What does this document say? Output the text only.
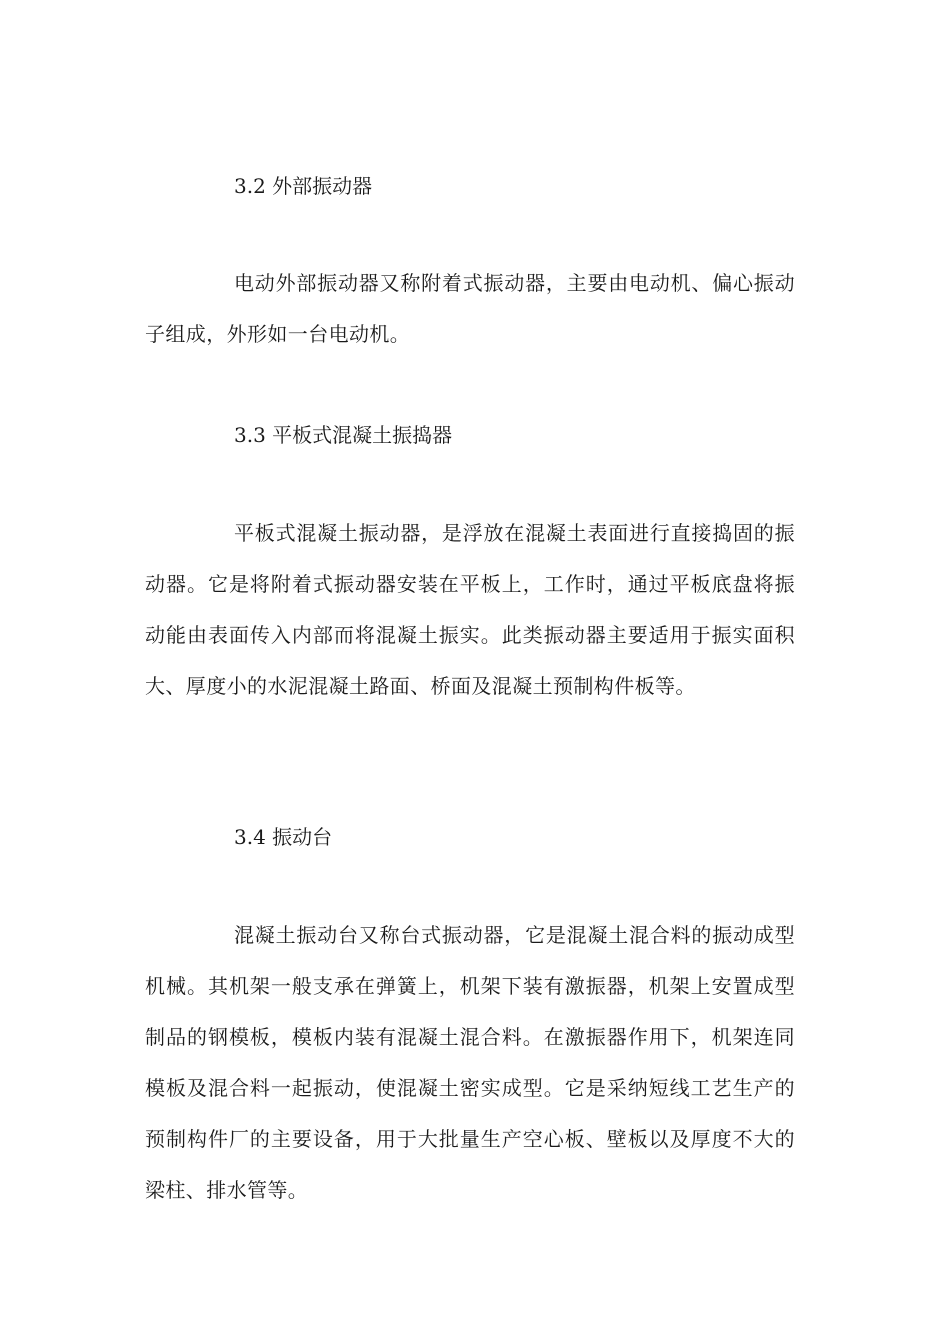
3.2 外部振动器

电动外部振动器又称附着式振动器，主要由电动机、偏心振动子组成，外形如一台电动机。

3.3 平板式混凝土振捣器

平板式混凝土振动器，是浮放在混凝土表面进行直接捣固的振动器。它是将附着式振动器安装在平板上，工作时，通过平板底盘将振动能由表面传入内部而将混凝土振实。此类振动器主要适用于振实面积大、厚度小的水泥混凝土路面、桥面及混凝土预制构件板等。

3.4 振动台

混凝土振动台又称台式振动器，它是混凝土混合料的振动成型机械。其机架一般支承在弹簧上，机架下装有激振器，机架上安置成型制品的钢模板，模板内装有混凝土混合料。在激振器作用下，机架连同模板及混合料一起振动，使混凝土密实成型。它是采纳短线工艺生产的预制构件厂的主要设备，用于大批量生产空心板、壁板以及厚度不大的梁柱、排水管等。
